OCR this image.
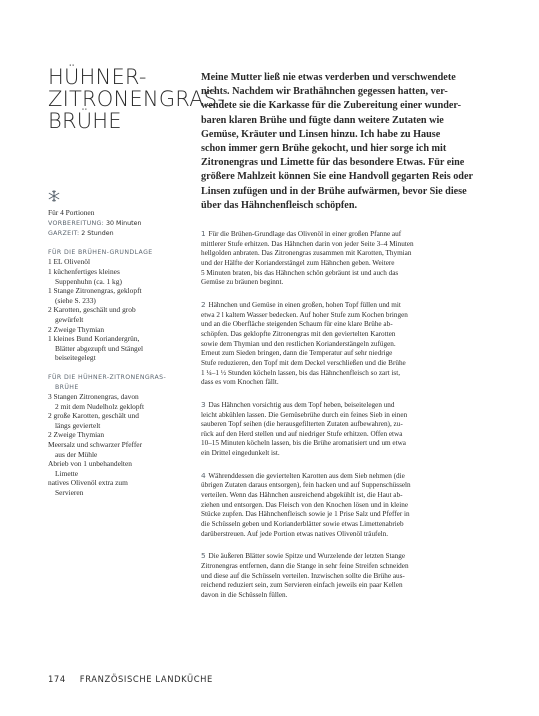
HÜHNER-
ZITRONENGRAS-
BRÜHE
Meine Mutter ließ nie etwas verderben und verschwendete
nichts. Nachdem wir Brathähnchen gegessen hatten, ver-
wendete sie die Karkasse für die Zubereitung einer wunder-
baren klaren Brühe und fügte dann weitere Zutaten wie
Gemüse, Kräuter und Linsen hinzu. Ich habe zu Hause
schon immer gern Brühe gekocht, und hier sorge ich mit
Zitronengras und Limette für das besondere Etwas. Für eine
größere Mahlzeit können Sie eine Handvoll gegarten Reis oder
Linsen zufügen und in der Brühe aufwärmen, bevor Sie diese
über das Hähnchenfleisch schöpfen.
Für 4 Portionen
VORBEREITUNG: 30 Minuten
GARZEIT: 2 Stunden
FÜR DIE BRÜHEN-GRUNDLAGE
1 EL Olivenöl
1 küchenfertiges kleines
Suppenhuhn (ca. 1 kg)
1 Stange Zitronengras, geklopft
(siehe S. 233)
2 Karotten, geschält und grob
gewürfelt
2 Zweige Thymian
1 kleines Bund Koriandergrün,
Blätter abgezupft und Stängel
beiseitegelegt
FÜR DIE HÜHNER-ZITRONENGRAS-
BRÜHE
3 Stangen Zitronengras, davon
2 mit dem Nudelholz geklopft
2 große Karotten, geschält und
längs geviertelt
2 Zweige Thymian
Meersalz und schwarzer Pfeffer
aus der Mühle
Abrieb von 1 unbehandelten
Limette
natives Olivenöl extra zum
Servieren
1 Für die Brühen-Grundlage das Olivenöl in einer großen Pfanne auf
mittlerer Stufe erhitzen. Das Hähnchen darin von jeder Seite 3–4 Minuten
hellgolden anbraten. Das Zitronengras zusammen mit Karotten, Thymian
und der Hälfte der Korianderstängel zum Hähnchen geben. Weitere
5 Minuten braten, bis das Hähnchen schön gebräunt ist und auch das
Gemüse zu bräunen beginnt.
2 Hähnchen und Gemüse in einen großen, hohen Topf füllen und mit
etwa 2 l kaltem Wasser bedecken. Auf hoher Stufe zum Kochen bringen
und an die Oberfläche steigenden Schaum für eine klare Brühe ab-
schöpfen. Das geklopfte Zitronengras mit den geviertelten Karotten
sowie dem Thymian und den restlichen Korianderstängeln zufügen.
Erneut zum Sieden bringen, dann die Temperatur auf sehr niedrige
Stufe reduzieren, den Topf mit dem Deckel verschließen und die Brühe
1 ¼–1 ½ Stunden köcheln lassen, bis das Hähnchenfleisch so zart ist,
dass es vom Knochen fällt.
3 Das Hähnchen vorsichtig aus dem Topf heben, beiseitelegen und
leicht abkühlen lassen. Die Gemüsebrühe durch ein feines Sieb in einen
sauberen Topf seihen (die herausgefilterten Zutaten aufbewahren), zu-
rück auf den Herd stellen und auf niedriger Stufe erhitzen. Offen etwa
10–15 Minuten köcheln lassen, bis die Brühe aromatisiert und um etwa
ein Drittel eingedunkelt ist.
4 Währenddessen die geviertelten Karotten aus dem Sieb nehmen (die
übrigen Zutaten daraus entsorgen), fein hacken und auf Suppenschüsseln
verteilen. Wenn das Hähnchen ausreichend abgekühlt ist, die Haut ab-
ziehen und entsorgen. Das Fleisch von den Knochen lösen und in kleine
Stücke zupfen. Das Hähnchenfleisch sowie je 1 Prise Salz und Pfeffer in
die Schüsseln geben und Korianderblätter sowie etwas Limettenabrieb
darüberstreuen. Auf jede Portion etwas natives Olivenöl träufeln.
5 Die äußeren Blätter sowie Spitze und Wurzelende der letzten Stange
Zitronengras entfernen, dann die Stange in sehr feine Streifen schneiden
und diese auf die Schüsseln verteilen. Inzwischen sollte die Brühe aus-
reichend reduziert sein, zum Servieren einfach jeweils ein paar Kellen
davon in die Schüsseln füllen.
174 FRANZÖSISCHE LANDKÜCHE
